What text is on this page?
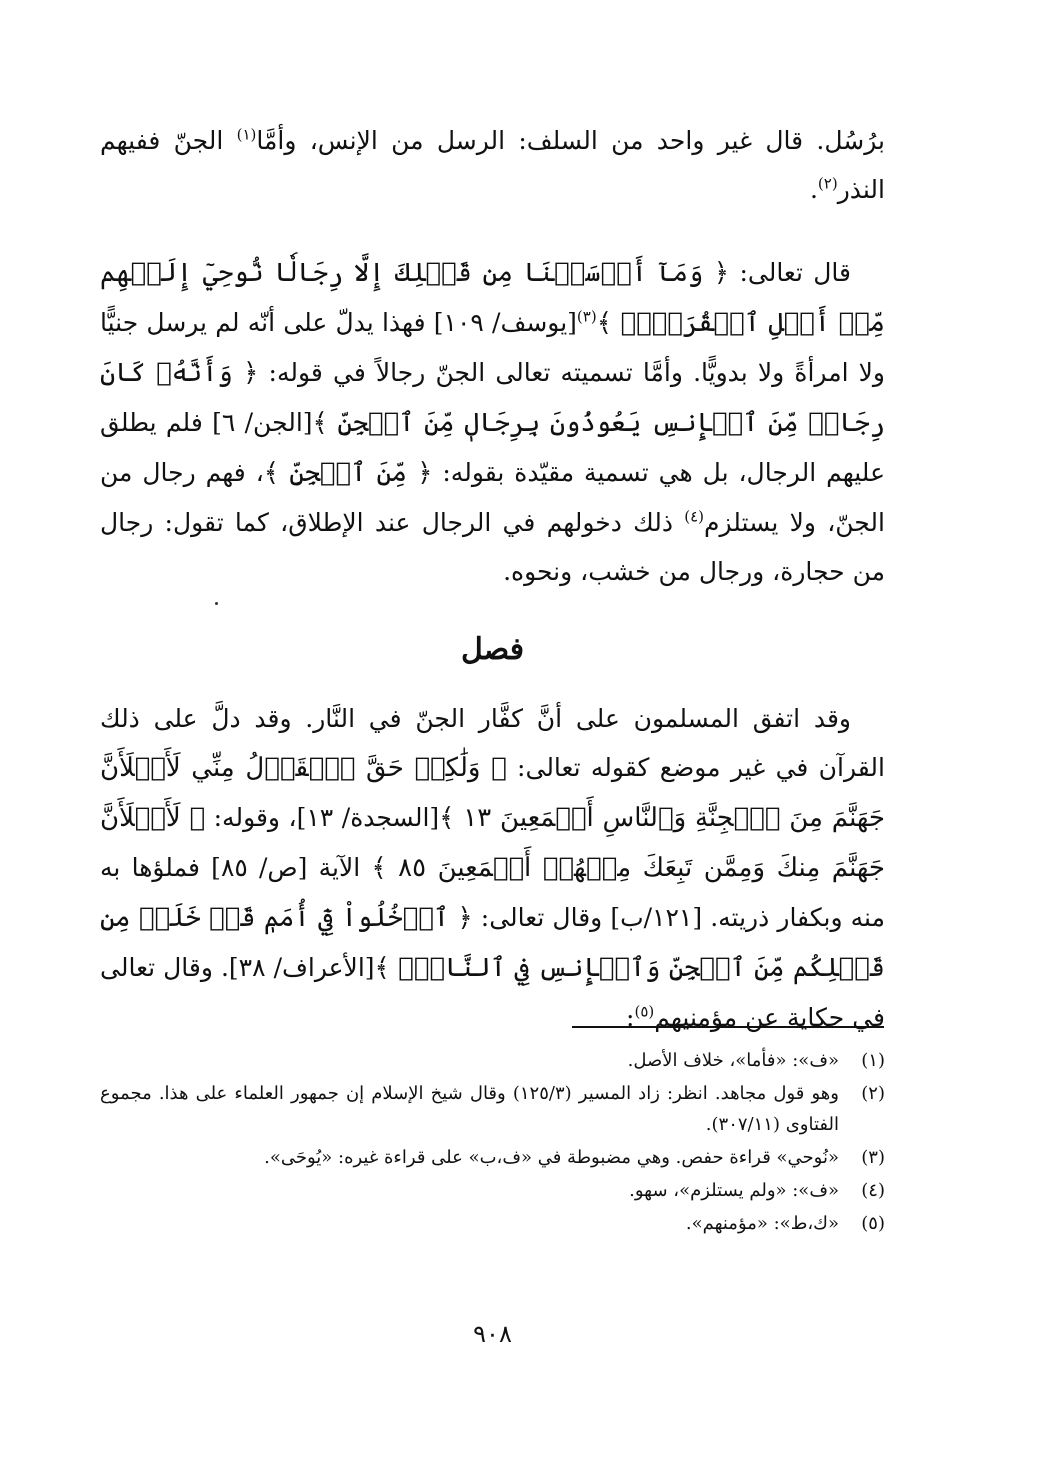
برُسُل. قال غير واحد من السلف: الرسل من الإنس، وأمَّا$^{(١)}$ الجنّ ففيهم النذر$^{(٢)}$.
قال تعالى: ﴿ وَمَآ أَرۡسَلۡنَا مِن قَبۡلِكَ إِلَّا رِجَالٗا نُّوحِيٓ إِلَيۡهِم مِّنۡ أَهۡلِ ٱلۡقُرَىٰٓۗ ﴾$^{(٣)}$[يوسف/ ١٠٩] فهذا يدلّ على أنّه لم يرسل جنيًّا ولا امرأةً ولا بدويًّا. وأمَّا تسميته تعالى الجنّ رجالاً في قوله: ﴿ وَأَنَّهُۥ كَانَ رِجَالٞ مِّنَ ٱلۡإِنسِ يَعُوذُونَ بِرِجَالٖ مِّنَ ٱلۡجِنِّ ﴾[الجن/ ٦] فلم يطلق عليهم الرجال، بل هي تسمية مقيّدة بقوله: ﴿ مِّنَ ٱلۡجِنِّ ﴾، فهم رجال من الجنّ، ولا يستلزم$^{(٤)}$ ذلك دخولهم في الرجال عند الإطلاق، كما تقول: رجال من حجارة، ورجال من خشب، ونحوه.
فصل
وقد اتفق المسلمون على أنَّ كفَّار الجنّ في النَّار. وقد دلَّ على ذلك القرآن في غير موضع كقوله تعالى: ﴿ وَلَٰكِنۡ حَقَّ ٱلۡقَوۡلُ مِنِّي لَأَمۡلَأَنَّ جَهَنَّمَ مِنَ ٱلۡجِنَّةِ وَٱلنَّاسِ أَجۡمَعِينَ ١٣ ﴾[السجدة/ ١٣]، وقوله: ﴿ لَأَمۡلَأَنَّ جَهَنَّمَ مِنكَ وَمِمَّن تَبِعَكَ مِنۡهُمۡ أَجۡمَعِينَ ٨٥ ﴾ الآية [ص/ ٨٥] فملؤها به منه وبكفار ذريته. [١٢١/ب] وقال تعالى: ﴿ ٱدۡخُلُواْ فِيٓ أُمَمٖ قَدۡ خَلَتۡ مِن قَبۡلِكُم مِّنَ ٱلۡجِنِّ وَٱلۡإِنسِ فِي ٱلنَّارِۖ ﴾[الأعراف/ ٣٨]. وقال تعالى في حكاية عن مؤمنيهم$^{(٥)}$:
(١)
«ف»: «فأما»، خلاف الأصل.
(٢)
وهو قول مجاهد. انظر: زاد المسير (١٢٥/٣) وقال شيخ الإسلام إن جمهور العلماء على هذا. مجموع الفتاوى (٣٠٧/١١).
(٣)
«نُوحي» قراءة حفص. وهي مضبوطة في «ف،ب» على قراءة غيره: «يُوحَى».
(٤)
«ف»: «ولم يستلزم»، سهو.
(٥)
«ك،ط»: «مؤمنهم».
٩٠٨
